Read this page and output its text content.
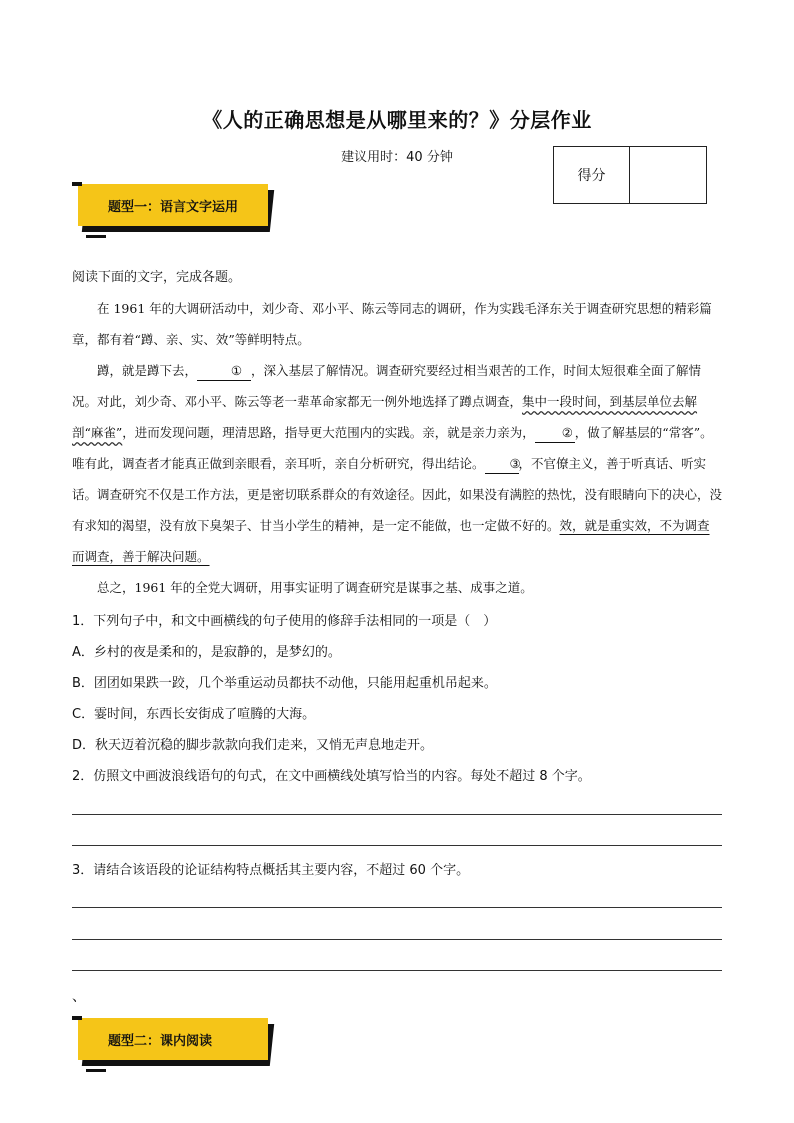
《人的正确思想是从哪里来的？》分层作业
建议用时：40 分钟
得分
题型一：语言文字运用
阅读下面的文字，完成各题。
在 1961 年的大调研活动中，刘少奇、邓小平、陈云等同志的调研，作为实践毛泽东关于调查研究思想的精彩篇章，都有着“蹲、亲、实、效”等鲜明特点。
蹲，就是蹲下去，	① ，深入基层了解情况。调查研究要经过相当艰苦的工作，时间太短很难全面了解情况。对此，刘少奇、邓小平、陈云等老一辈革命家都无一例外地选择了蹲点调查，集中一段时间，到基层单位去解剖“麻雀”，进而发现问题，理清思路，指导更大范围内的实践。亲，就是亲力亲为， ② ，做了解基层的“常客”。唯有此，调查者才能真正做到亲眼看，亲耳听，亲自分析研究，得出结论。 ③，不官僚主义，善于听真话、听实话。调查研究不仅是工作方法，更是密切联系群众的有效途径。因此，如果没有满腔的热忱，没有眼睛向下的决心，没有求知的渴望，没有放下臭架子、甘当小学生的精神，是一定不能做，也一定做不好的。效，就是重实效，不为调查而调查，善于解决问题。
总之，1961 年的全党大调研，用事实证明了调查研究是谋事之基、成事之道。
1．下列句子中，和文中画横线的句子使用的修辞手法相同的一项是（　）
A．乡村的夜是柔和的，是寂静的，是梦幻的。
B．团团如果跌一跤，几个举重运动员都扶不动他，只能用起重机吊起来。
C．霎时间，东西长安街成了喧腾的大海。
D．秋天迈着沉稳的脚步款款向我们走来，又悄无声息地走开。
2．仿照文中画波浪线语句的句式，在文中画横线处填写恰当的内容。每处不超过 8 个字。
3．请结合该语段的论证结构特点概括其主要内容，不超过 60 个字。
、
题型二：课内阅读
